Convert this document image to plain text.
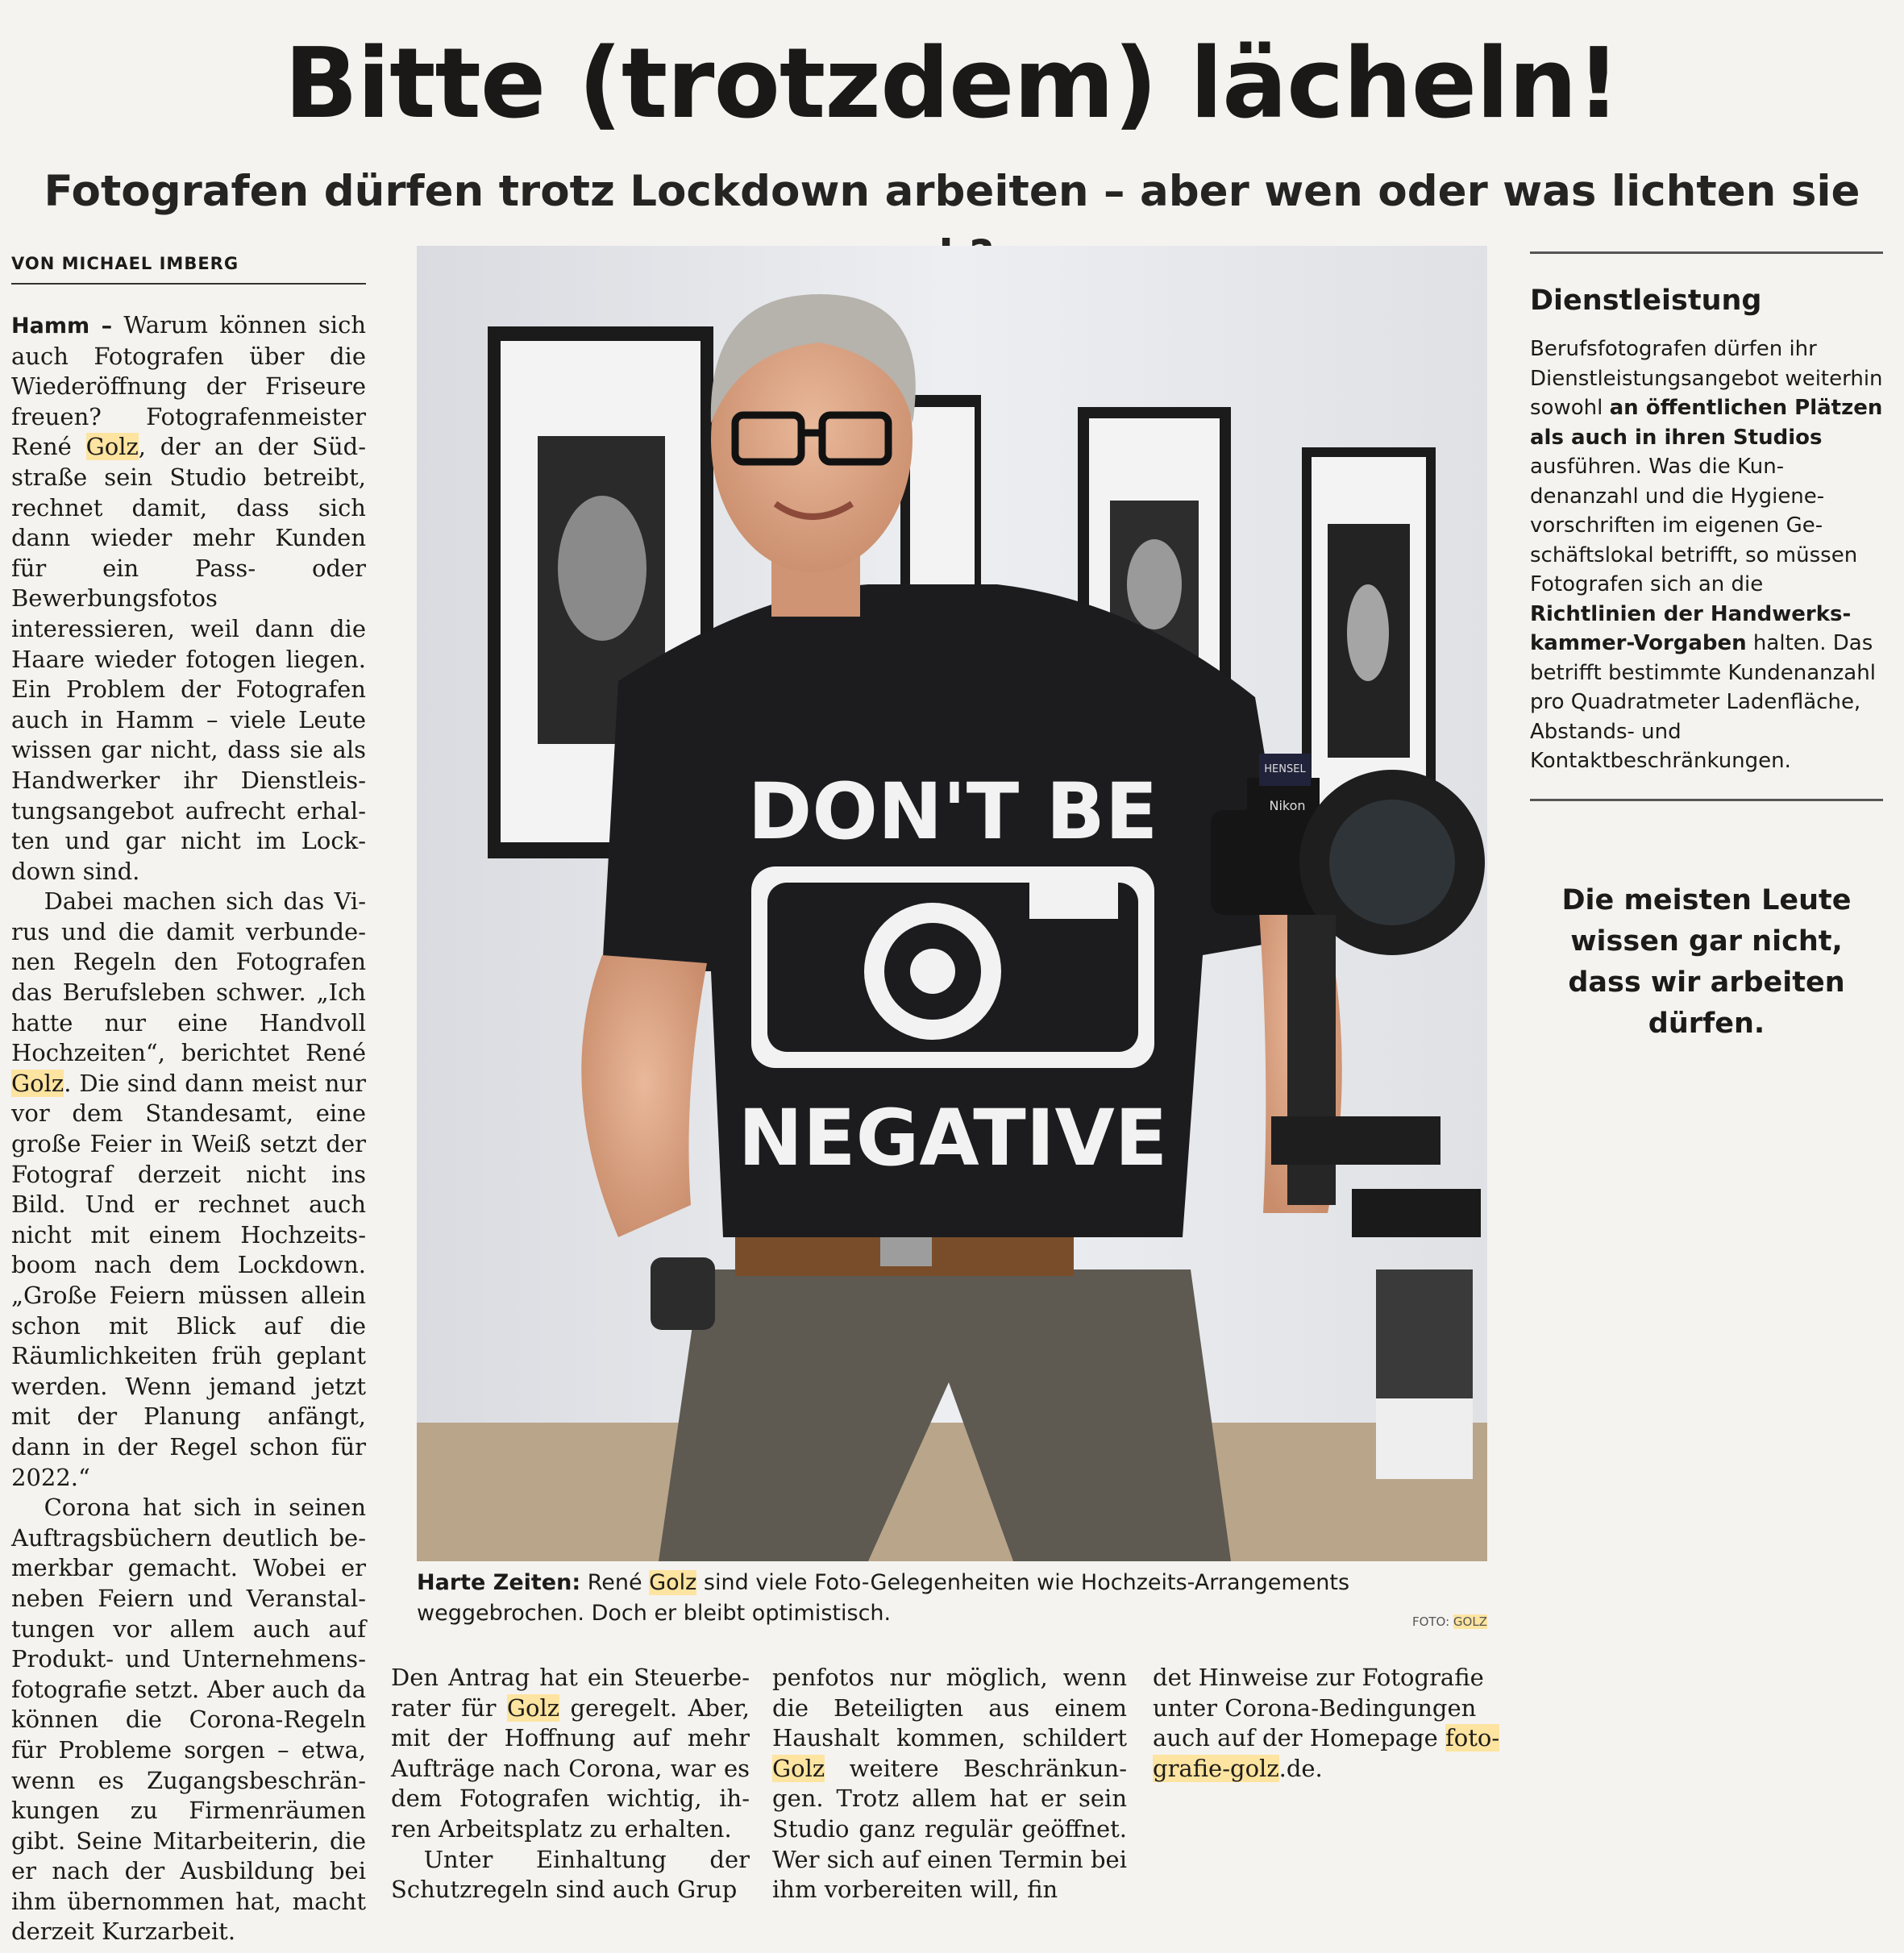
Bitte (trotzdem) lächeln!
Fotografen dürfen trotz Lockdown arbeiten – aber wen oder was lichten sie
VON MICHAEL IMBERG

Hamm – Warum können sich auch Fotografen über die Wiederöffnung der Friseure freuen? Fotografenmeister René Golz, der an der Südstraße sein Studio betreibt, rechnet damit, dass sich dann wieder mehr Kunden für ein Pass- oder Bewerbungsfotos interessieren, weil dann die Haare wieder fotogen liegen. Ein Problem der Fotografen auch in Hamm – viele Leute wissen gar nicht, dass sie als Handwerker ihr Dienstleistungsangebot aufrecht erhalten und gar nicht im Lockdown sind.

Dabei machen sich das Virus und die damit verbundenen Regeln den Fotografen das Berufsleben schwer. „Ich hatte nur eine Handvoll Hochzeiten“, berichtet René Golz. Die sind dann meist nur vor dem Standesamt, eine große Feier in Weiß setzt der Fotograf derzeit nicht ins Bild. Und er rechnet auch nicht mit einem Hochzeitsboom nach dem Lockdown. „Große Feiern müssen allein schon mit Blick auf die Räumlichkeiten früh geplant werden. Wenn jemand jetzt mit der Planung anfängt, dann in der Regel schon für 2022.“

Corona hat sich in seinen Auftragsbüchern deutlich bemerkbar gemacht. Wobei er neben Feiern und Veranstaltungen vor allem auch auf Produkt- und Unternehmensfotografie setzt. Aber auch da können die Corona-Regeln für Probleme sorgen – etwa, wenn es Zugangsbeschränkungen zu Firmenräumen gibt. Seine Mitarbeiterin, die er nach der Ausbildung bei ihm übernommen hat, macht derzeit Kurzarbeit.

DON'T BE
NEGATIVE
HENSEL
Nikon
Harte Zeiten: René Golz sind viele Foto-Gelegenheiten wie Hochzeits-Arrangements weggebrochen. Doch er bleibt optimistisch.	FOTO: GOLZ

Den Antrag hat ein Steuerberater für Golz geregelt. Aber, mit der Hoffnung auf mehr Aufträge nach Corona, war es dem Fotografen wichtig, ihren Arbeitsplatz zu erhalten.

Unter Einhaltung der Schutzregeln sind auch Grup

penfotos nur möglich, wenn die Beteiligten aus einem Haushalt kommen, schildert Golz weitere Beschränkungen. Trotz allem hat er sein Studio ganz regulär geöffnet. Wer sich auf einen Termin bei ihm vorbereiten will, fin

det Hinweise zur Fotografie unter Corona-Bedingungen auch auf der Homepage fotografie-golz.de.

Dienstleistung

Berufsfotografen dürfen ihr Dienstleistungsangebot weiterhin sowohl an öffentlichen Plätzen als auch in ihren Studios ausführen. Was die Kundenanzahl und die Hygienevorschriften im eigenen Geschäftslokal betrifft, so müssen Fotografen sich an die Richtlinien der Handwerkskammer-Vorgaben halten. Das betrifft bestimmte Kundenanzahl pro Quadratmeter Ladenfläche, Abstands- und Kontaktbeschränkungen.

Die meisten Leute wissen gar nicht, dass wir arbeiten dürfen.
